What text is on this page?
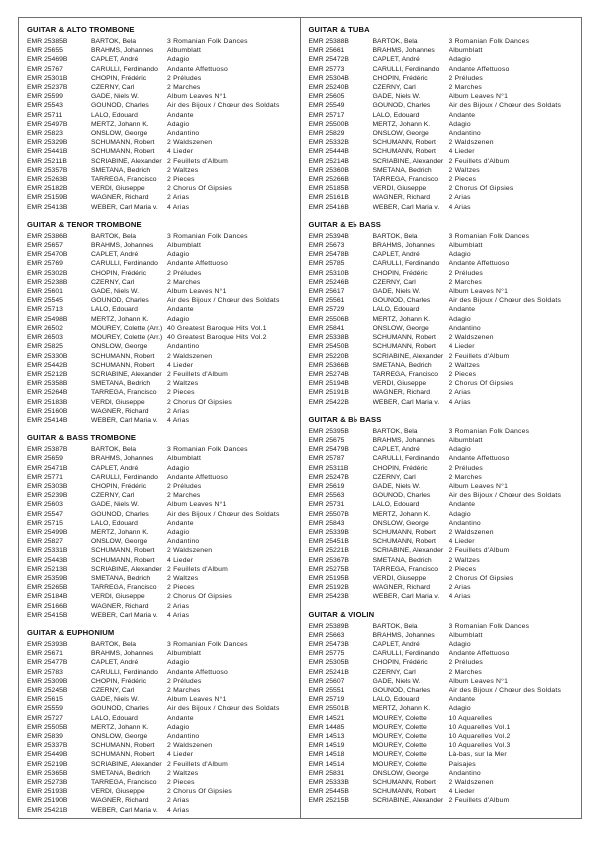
GUITAR & ALTO TROMBONE
EMR 25385B	BARTOK, Bela	3 Romanian Folk Dances
EMR 25655	BRAHMS, Johannes	Albumblatt
EMR 25469B	CAPLET, André	Adagio
EMR 25767	CARULLI, Ferdinando	Andante Affettuoso
EMR 25301B	CHOPIN, Frédéric	2 Préludes
EMR 25237B	CZERNY, Carl	2 Marches
EMR 25599	GADE, Niels W.	Album Leaves N°1
EMR 25543	GOUNOD, Charles	Air des Bijoux / Chœur des Soldats
EMR 25711	LALO, Edouard	Andante
EMR 25497B	MERTZ, Johann K.	Adagio
EMR 25823	ONSLOW, George	Andantino
EMR 25329B	SCHUMANN, Robert	2 Waldszenen
EMR 25441B	SCHUMANN, Robert	4 Lieder
EMR 25211B	SCRIABINE, Alexander 2 Feuillets d'Album
EMR 25357B	SMETANA, Bedrich	2 Waltzes
EMR 25263B	TARREGA, Francisco	2 Pieces
EMR 25182B	VERDI, Giuseppe	2 Chorus Of Gipsies
EMR 25159B	WAGNER, Richard	2 Arias
EMR 25413B	WEBER, Carl Maria v.	4 Arias
GUITAR & TENOR TROMBONE
EMR 25386B	BARTOK, Bela	3 Romanian Folk Dances
EMR 25657	BRAHMS, Johannes	Albumblatt
EMR 25470B	CAPLET, André	Adagio
EMR 25769	CARULLI, Ferdinando	Andante Affettuoso
EMR 25302B	CHOPIN, Frédéric	2 Préludes
EMR 25238B	CZERNY, Carl	2 Marches
EMR 25601	GADE, Niels W.	Album Leaves N°1
EMR 25545	GOUNOD, Charles	Air des Bijoux / Chœur des Soldats
EMR 25713	LALO, Edouard	Andante
EMR 25498B	MERTZ, Johann K.	Adagio
EMR 26502	MOUREY, Colette (Arr.) 40 Greatest Baroque Hits Vol.1
EMR 26503	MOUREY, Colette (Arr.) 40 Greatest Baroque Hits Vol.2
EMR 25825	ONSLOW, George	Andantino
EMR 25330B	SCHUMANN, Robert	2 Waldszenen
EMR 25442B	SCHUMANN, Robert	4 Lieder
EMR 25212B	SCRIABINE, Alexander 2 Feuillets d'Album
EMR 25358B	SMETANA, Bedrich	2 Waltzes
EMR 25264B	TARREGA, Francisco	2 Pieces
EMR 25183B	VERDI, Giuseppe	2 Chorus Of Gipsies
EMR 25160B	WAGNER, Richard	2 Arias
EMR 25414B	WEBER, Carl Maria v.	4 Arias
GUITAR & BASS TROMBONE
EMR 25387B	BARTOK, Bela	3 Romanian Folk Dances
EMR 25659	BRAHMS, Johannes	Albumblatt
EMR 25471B	CAPLET, André	Adagio
EMR 25771	CARULLI, Ferdinando	Andante Affettuoso
EMR 25303B	CHOPIN, Frédéric	2 Préludes
EMR 25239B	CZERNY, Carl	2 Marches
EMR 25603	GADE, Niels W.	Album Leaves N°1
EMR 25547	GOUNOD, Charles	Air des Bijoux / Chœur des Soldats
EMR 25715	LALO, Edouard	Andante
EMR 25499B	MERTZ, Johann K.	Adagio
EMR 25827	ONSLOW, George	Andantino
EMR 25331B	SCHUMANN, Robert	2 Waldszenen
EMR 25443B	SCHUMANN, Robert	4 Lieder
EMR 25213B	SCRIABINE, Alexander 2 Feuillets d'Album
EMR 25359B	SMETANA, Bedrich	2 Waltzes
EMR 25265B	TARREGA, Francisco	2 Pieces
EMR 25184B	VERDI, Giuseppe	2 Chorus Of Gipsies
EMR 25166B	WAGNER, Richard	2 Arias
EMR 25415B	WEBER, Carl Maria v.	4 Arias
GUITAR & EUPHONIUM
EMR 25393B	BARTOK, Bela	3 Romanian Folk Dances
EMR 25671	BRAHMS, Johannes	Albumblatt
EMR 25477B	CAPLET, André	Adagio
EMR 25783	CARULLI, Ferdinando	Andante Affettuoso
EMR 25309B	CHOPIN, Frédéric	2 Préludes
EMR 25245B	CZERNY, Carl	2 Marches
EMR 25615	GADE, Niels W.	Album Leaves N°1
EMR 25559	GOUNOD, Charles	Air des Bijoux / Chœur des Soldats
EMR 25727	LALO, Edouard	Andante
EMR 25505B	MERTZ, Johann K.	Adagio
EMR 25839	ONSLOW, George	Andantino
EMR 25337B	SCHUMANN, Robert	2 Waldszenen
EMR 25449B	SCHUMANN, Robert	4 Lieder
EMR 25219B	SCRIABINE, Alexander 2 Feuillets d'Album
EMR 25365B	SMETANA, Bedrich	2 Waltzes
EMR 25273B	TARREGA, Francisco	2 Pieces
EMR 25193B	VERDI, Giuseppe	2 Chorus Of Gipsies
EMR 25190B	WAGNER, Richard	2 Arias
EMR 25421B	WEBER, Carl Maria v.	4 Arias
GUITAR & TUBA
EMR 25388B	BARTOK, Bela	3 Romanian Folk Dances
EMR 25661	BRAHMS, Johannes	Albumblatt
EMR 25472B	CAPLET, André	Adagio
EMR 25773	CARULLI, Ferdinando	Andante Affettuoso
EMR 25304B	CHOPIN, Frédéric	2 Préludes
EMR 25240B	CZERNY, Carl	2 Marches
EMR 25605	GADE, Niels W.	Album Leaves N°1
EMR 25549	GOUNOD, Charles	Air des Bijoux / Chœur des Soldats
EMR 25717	LALO, Edouard	Andante
EMR 25500B	MERTZ, Johann K.	Adagio
EMR 25829	ONSLOW, George	Andantino
EMR 25332B	SCHUMANN, Robert	2 Waldszenen
EMR 25444B	SCHUMANN, Robert	4 Lieder
EMR 25214B	SCRIABINE, Alexander 2 Feuillets d'Album
EMR 25360B	SMETANA, Bedrich	2 Waltzes
EMR 25266B	TARREGA, Francisco	2 Pieces
EMR 25185B	VERDI, Giuseppe	2 Chorus Of Gipsies
EMR 25161B	WAGNER, Richard	2 Arias
EMR 25416B	WEBER, Carl Maria v.	4 Arias
GUITAR & E♭ BASS
EMR 25394B	BARTOK, Bela	3 Romanian Folk Dances
EMR 25673	BRAHMS, Johannes	Albumblatt
EMR 25478B	CAPLET, André	Adagio
EMR 25785	CARULLI, Ferdinando	Andante Affettuoso
EMR 25310B	CHOPIN, Frédéric	2 Préludes
EMR 25246B	CZERNY, Carl	2 Marches
EMR 25617	GADE, Niels W.	Album Leaves N°1
EMR 25561	GOUNOD, Charles	Air des Bijoux / Chœur des Soldats
EMR 25729	LALO, Edouard	Andante
EMR 25506B	MERTZ, Johann K.	Adagio
EMR 25841	ONSLOW, George	Andantino
EMR 25338B	SCHUMANN, Robert	2 Waldszenen
EMR 25450B	SCHUMANN, Robert	4 Lieder
EMR 25220B	SCRIABINE, Alexander 2 Feuillets d'Album
EMR 25366B	SMETANA, Bedrich	2 Waltzes
EMR 25274B	TARREGA, Francisco	2 Pieces
EMR 25194B	VERDI, Giuseppe	2 Chorus Of Gipsies
EMR 25191B	WAGNER, Richard	2 Arias
EMR 25422B	WEBER, Carl Maria v.	4 Arias
GUITAR & B♭ BASS
EMR 25395B	BARTOK, Bela	3 Romanian Folk Dances
EMR 25675	BRAHMS, Johannes	Albumblatt
EMR 25479B	CAPLET, André	Adagio
EMR 25787	CARULLI, Ferdinando	Andante Affettuoso
EMR 25311B	CHOPIN, Frédéric	2 Préludes
EMR 25247B	CZERNY, Carl	2 Marches
EMR 25619	GADE, Niels W.	Album Leaves N°1
EMR 25563	GOUNOD, Charles	Air des Bijoux / Chœur des Soldats
EMR 25731	LALO, Edouard	Andante
EMR 25507B	MERTZ, Johann K.	Adagio
EMR 25843	ONSLOW, George	Andantino
EMR 25339B	SCHUMANN, Robert	2 Waldszenen
EMR 25451B	SCHUMANN, Robert	4 Lieder
EMR 25221B	SCRIABINE, Alexander 2 Feuillets d'Album
EMR 25367B	SMETANA, Bedrich	2 Waltzes
EMR 25275B	TARREGA, Francisco	2 Pieces
EMR 25195B	VERDI, Giuseppe	2 Chorus Of Gipsies
EMR 25192B	WAGNER, Richard	2 Arias
EMR 25423B	WEBER, Carl Maria v.	4 Arias
GUITAR & VIOLIN
EMR 25389B	BARTOK, Bela	3 Romanian Folk Dances
EMR 25663	BRAHMS, Johannes	Albumblatt
EMR 25473B	CAPLET, André	Adagio
EMR 25775	CARULLI, Ferdinando	Andante Affettuoso
EMR 25305B	CHOPIN, Frédéric	2 Préludes
EMR 25241B	CZERNY, Carl	2 Marches
EMR 25607	GADE, Niels W.	Album Leaves N°1
EMR 25551	GOUNOD, Charles	Air des Bijoux / Chœur des Soldats
EMR 25719	LALO, Edouard	Andante
EMR 25501B	MERTZ, Johann K.	Adagio
EMR 14521	MOUREY, Colette	10 Aquarelles
EMR 14485	MOUREY, Colette	10 Aquarelles Vol.1
EMR 14513	MOUREY, Colette	10 Aquarelles Vol.2
EMR 14519	MOUREY, Colette	10 Aquarelles Vol.3
EMR 14518	MOUREY, Colette	Là-bas, sur la Mer
EMR 14514	MOUREY, Colette	Paisajes
EMR 25831	ONSLOW, George	Andantino
EMR 25333B	SCHUMANN, Robert	2 Waldszenen
EMR 25445B	SCHUMANN, Robert	4 Lieder
EMR 25215B	SCRIABINE, Alexander 2 Feuillets d'Album
